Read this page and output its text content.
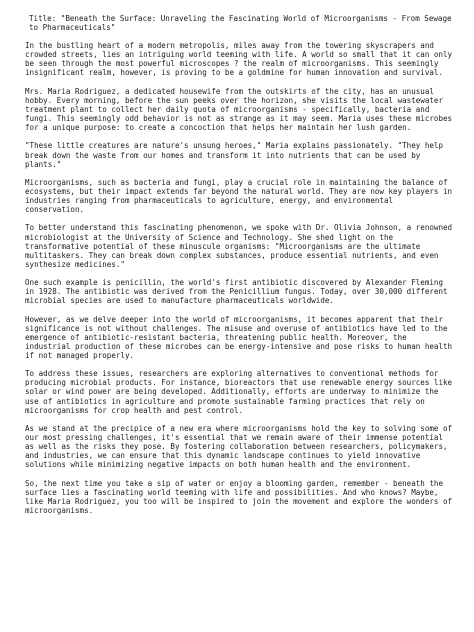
Title: "Beneath the Surface: Unraveling the Fascinating World of Microorganisms - From Sewage to Pharmaceuticals"

In the bustling heart of a modern metropolis, miles away from the towering skyscrapers and crowded streets, lies an intriguing world teeming with life. A world so small that it can only be seen through the most powerful microscopes ? the realm of microorganisms. This seemingly insignificant realm, however, is proving to be a goldmine for human innovation and survival.

Mrs. Maria Rodriguez, a dedicated housewife from the outskirts of the city, has an unusual hobby. Every morning, before the sun peeks over the horizon, she visits the local wastewater treatment plant to collect her daily quota of microorganisms - specifically, bacteria and fungi. This seemingly odd behavior is not as strange as it may seem. Maria uses these microbes for a unique purpose: to create a concoction that helps her maintain her lush garden.

"These little creatures are nature's unsung heroes," Maria explains passionately. "They help break down the waste from our homes and transform it into nutrients that can be used by plants."

Microorganisms, such as bacteria and fungi, play a crucial role in maintaining the balance of ecosystems, but their impact extends far beyond the natural world. They are now key players in industries ranging from pharmaceuticals to agriculture, energy, and environmental conservation.

To better understand this fascinating phenomenon, we spoke with Dr. Olivia Johnson, a renowned microbiologist at the University of Science and Technology. She shed light on the transformative potential of these minuscule organisms: "Microorganisms are the ultimate multitaskers. They can break down complex substances, produce essential nutrients, and even synthesize medicines."

One such example is penicillin, the world's first antibiotic discovered by Alexander Fleming in 1928. The antibiotic was derived from the Penicillium fungus. Today, over 30,000 different microbial species are used to manufacture pharmaceuticals worldwide.

However, as we delve deeper into the world of microorganisms, it becomes apparent that their significance is not without challenges. The misuse and overuse of antibiotics have led to the emergence of antibiotic-resistant bacteria, threatening public health. Moreover, the industrial production of these microbes can be energy-intensive and pose risks to human health if not managed properly.

To address these issues, researchers are exploring alternatives to conventional methods for producing microbial products. For instance, bioreactors that use renewable energy sources like solar or wind power are being developed. Additionally, efforts are underway to minimize the use of antibiotics in agriculture and promote sustainable farming practices that rely on microorganisms for crop health and pest control.

As we stand at the precipice of a new era where microorganisms hold the key to solving some of our most pressing challenges, it's essential that we remain aware of their immense potential as well as the risks they pose. By fostering collaboration between researchers, policymakers, and industries, we can ensure that this dynamic landscape continues to yield innovative solutions while minimizing negative impacts on both human health and the environment.

So, the next time you take a sip of water or enjoy a blooming garden, remember - beneath the surface lies a fascinating world teeming with life and possibilities. And who knows? Maybe, like Maria Rodriguez, you too will be inspired to join the movement and explore the wonders of microorganisms.
